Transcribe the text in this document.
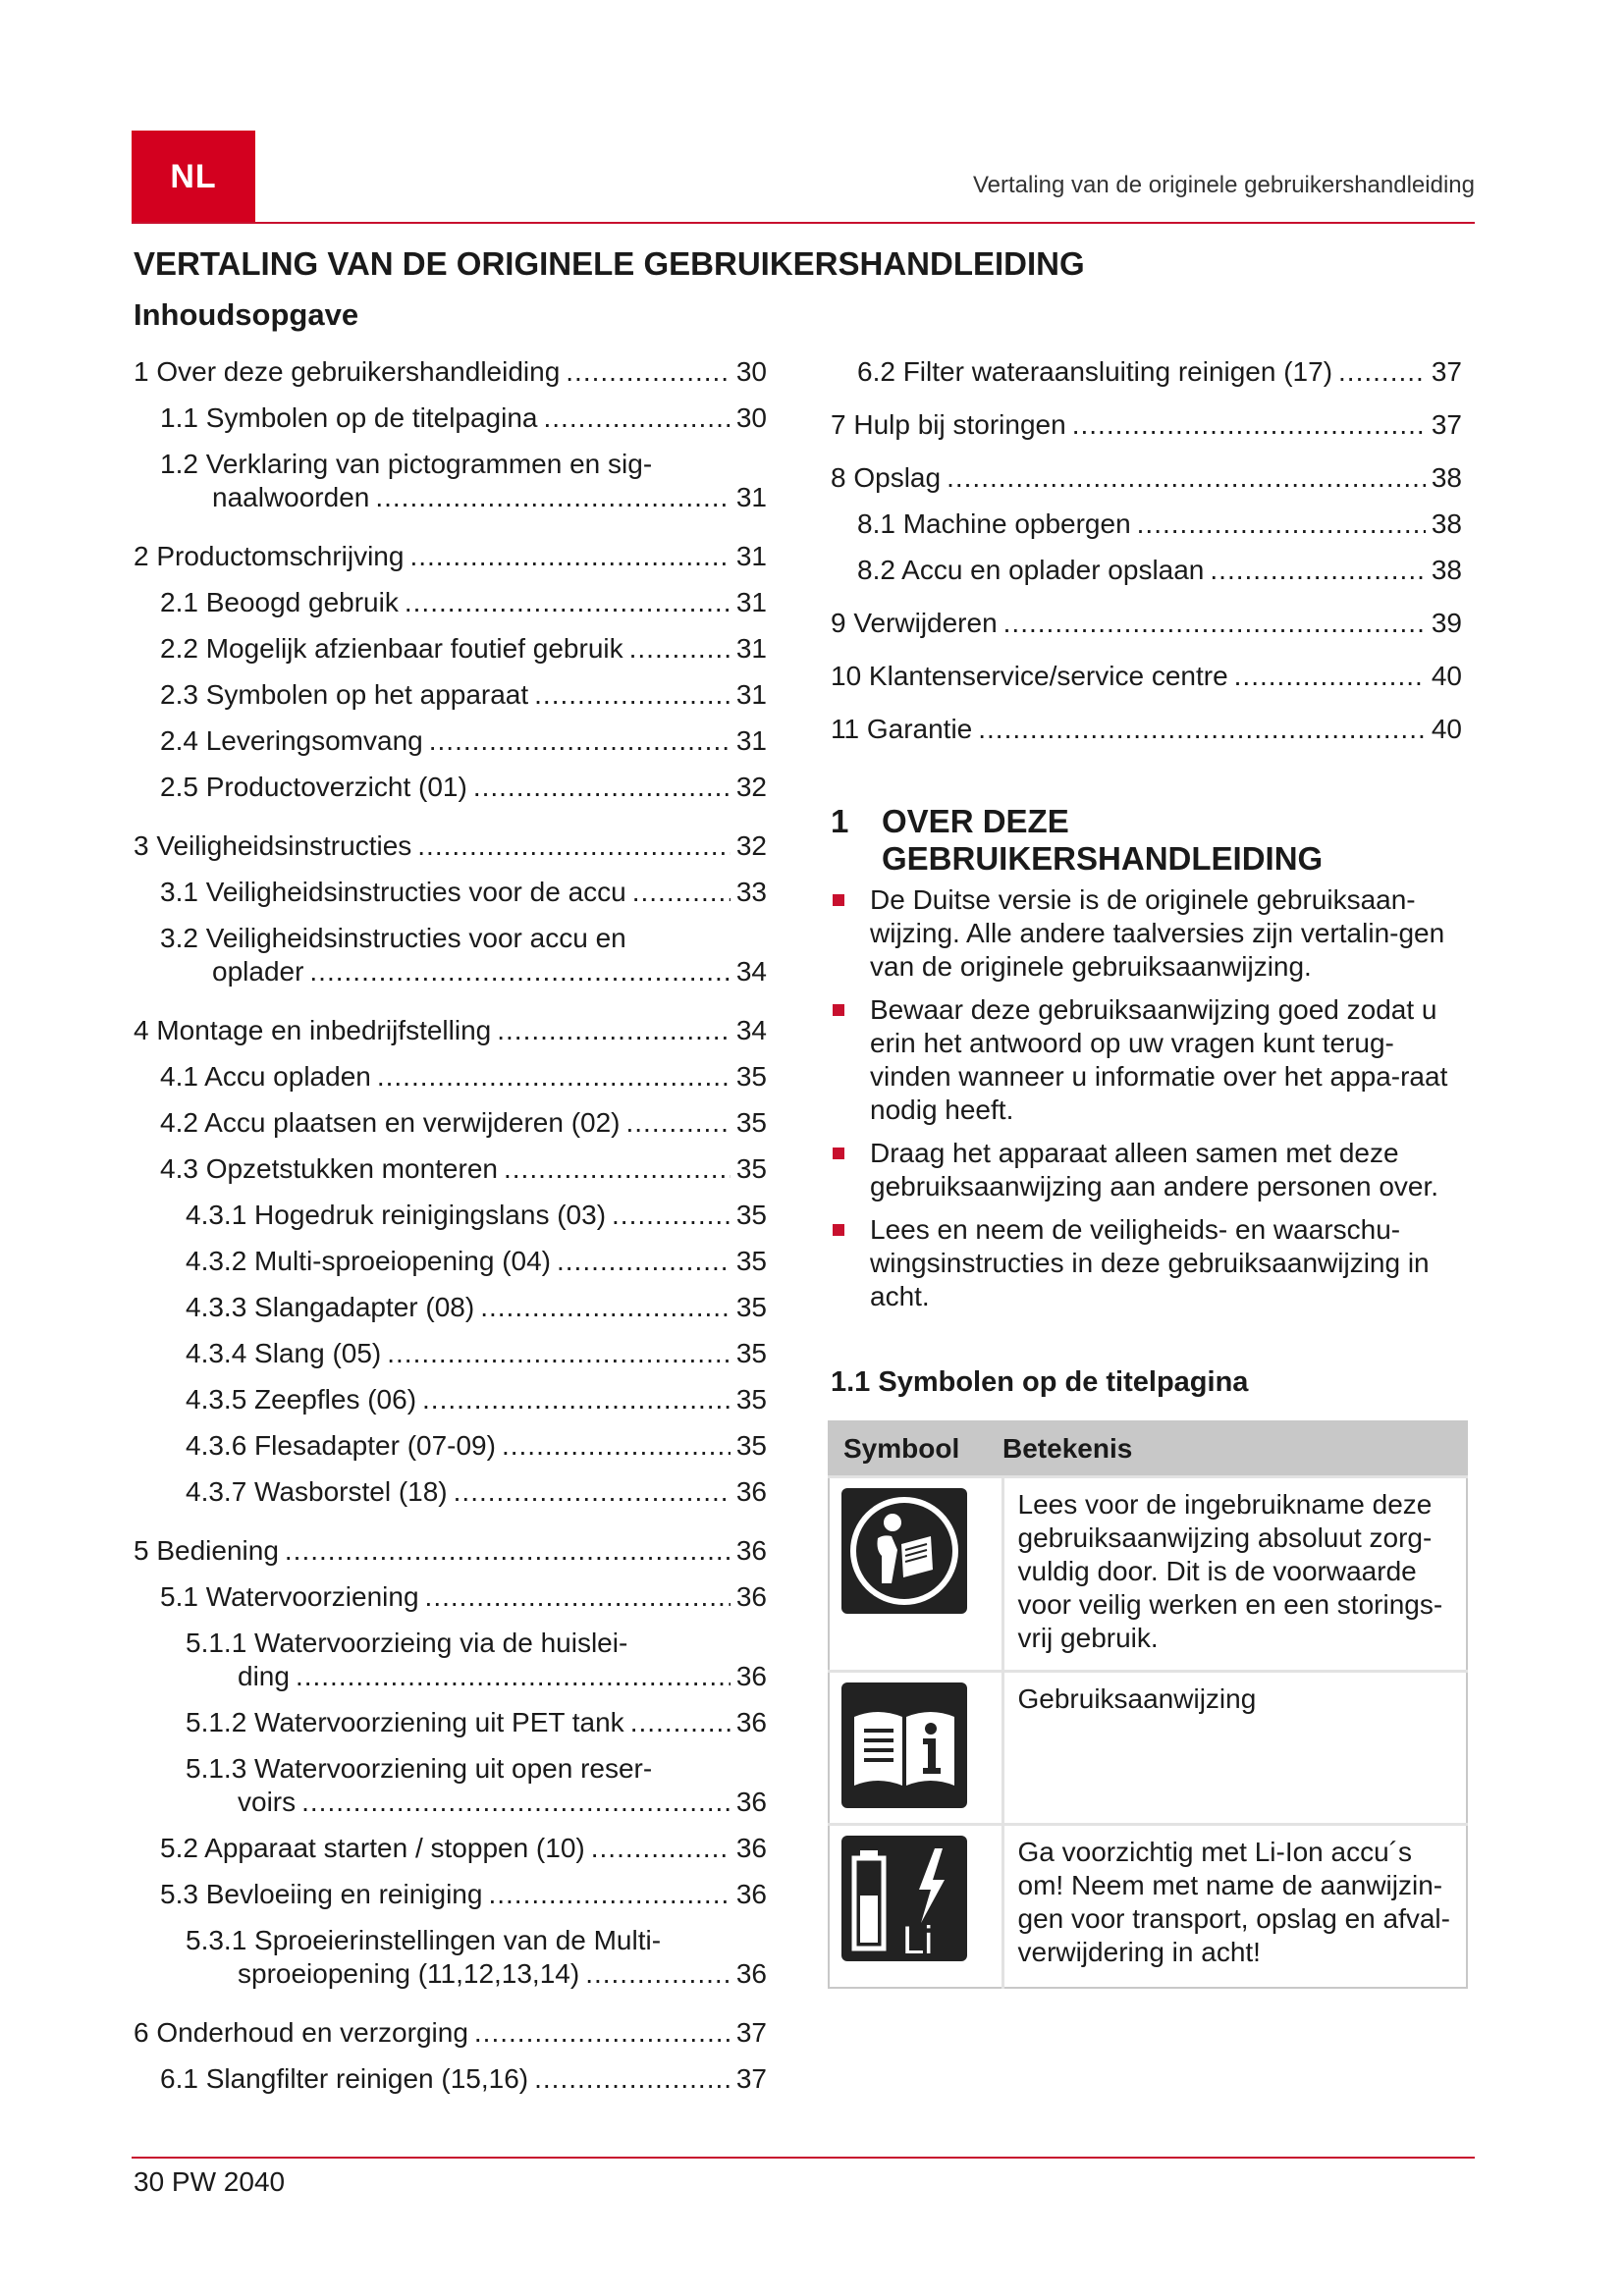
NL	Vertaling van de originele gebruikershandleiding
VERTALING VAN DE ORIGINELE GEBRUIKERSHANDLEIDING
Inhoudsopgave
1 Over deze gebruikershandleiding .....	30
1.1 Symbolen op de titelpagina .....	30
1.2 Verklaring van pictogrammen en sig-
naalwoorden .....	31
2 Productomschrijving .....	31
2.1 Beoogd gebruik .....	31
2.2 Mogelijk afzienbaar foutief gebruik .....	31
2.3 Symbolen op het apparaat .....	31
2.4 Leveringsomvang .....	31
2.5 Productoverzicht (01) .....	32
3 Veiligheidsinstructies .....	32
3.1 Veiligheidsinstructies voor de accu .....	33
3.2 Veiligheidsinstructies voor accu en
oplader .....	34
4 Montage en inbedrijfstelling .....	34
4.1 Accu opladen .....	35
4.2 Accu plaatsen en verwijderen (02) .....	35
4.3 Opzetstukken monteren .....	35
4.3.1 Hogedruk reinigingslans (03) .....	35
4.3.2 Multi-sproeiopening (04) .....	35
4.3.3 Slangadapter (08) .....	35
4.3.4 Slang (05) .....	35
4.3.5 Zeepfles (06) .....	35
4.3.6 Flesadapter (07-09) .....	35
4.3.7 Wasborstel (18) .....	36
5 Bediening .....	36
5.1 Watervoorziening .....	36
5.1.1 Watervoorzieing via de huislei-
ding .....	36
5.1.2 Watervoorziening uit PET tank .....	36
5.1.3 Watervoorziening uit open reser-
voirs .....	36
5.2 Apparaat starten / stoppen (10) .....	36
5.3 Bevloeiing en reiniging .....	36
5.3.1 Sproeierinstellingen van de Multi-
sproeiopening (11,12,13,14) .....	36
6 Onderhoud en verzorging .....	37
6.1 Slangfilter reinigen (15,16) .....	37
6.2 Filter wateraansluiting reinigen (17) .....	37
7 Hulp bij storingen .....	37
8 Opslag .....	38
8.1 Machine opbergen .....	38
8.2 Accu en oplader opslaan .....	38
9 Verwijderen .....	39
10 Klantenservice/service centre .....	40
11 Garantie .....	40
1 OVER DEZE
GEBRUIKERSHANDLEIDING
De Duitse versie is de originele gebruiksaan-wijzing. Alle andere taalversies zijn vertalin-gen van de originele gebruiksaanwijzing.
Bewaar deze gebruiksaanwijzing goed zodat u erin het antwoord op uw vragen kunt terug-vinden wanneer u informatie over het appa-raat nodig heeft.
Draag het apparaat alleen samen met deze gebruiksaanwijzing aan andere personen over.
Lees en neem de veiligheids- en waarschu-wingsinstructies in deze gebruiksaanwijzing in acht.
1.1 Symbolen op de titelpagina
Symbool	Betekenis

	Lees voor de ingebruikname deze gebruiksaanwijzing absoluut zorg-vuldig door. Dit is de voorwaarde voor veilig werken en een storings-vrij gebruik.

	Gebruiksaanwijzing

Li	Ga voorzichtig met Li-Ion accu´s om! Neem met name de aanwijzin-gen voor transport, opslag en afval-verwijdering in acht!
30 PW 2040
